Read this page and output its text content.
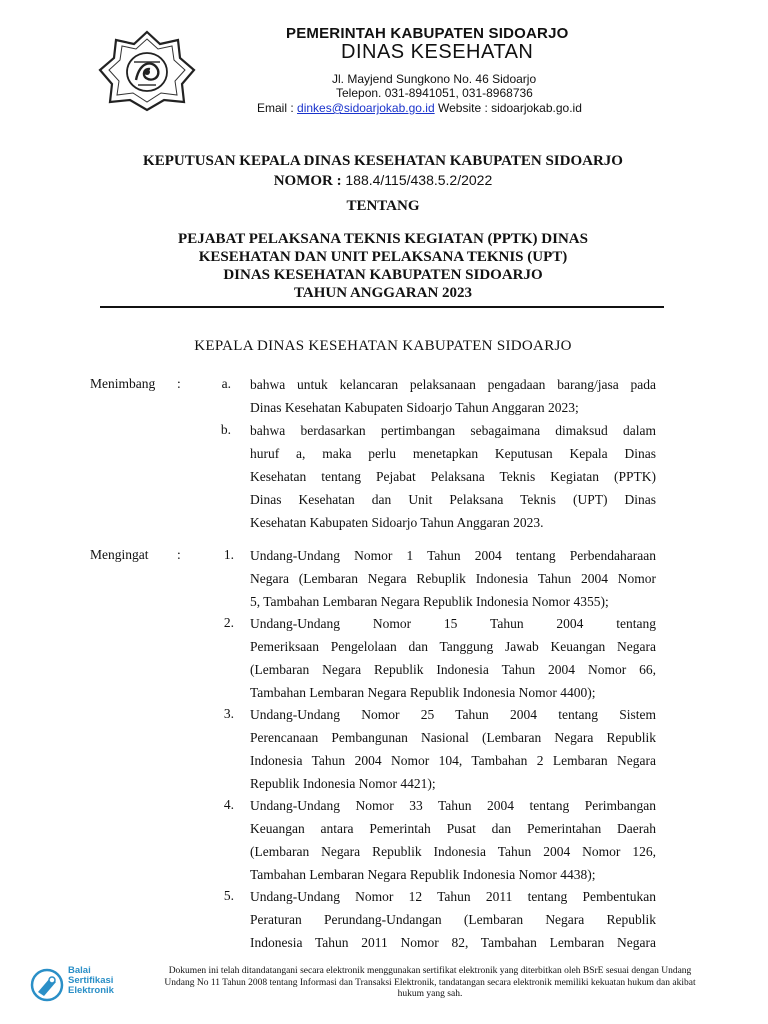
PEMERINTAH KABUPATEN SIDOARJO
DINAS KESEHATAN
Jl. Mayjend Sungkono No. 46 Sidoarjo
Telepon. 031-8941051, 031-8968736
Email : dinkes@sidoarjokab.go.id Website : sidoarjokab.go.id
KEPUTUSAN KEPALA DINAS KESEHATAN KABUPATEN SIDOARJO
NOMOR : 188.4/115/438.5.2/2022
TENTANG
PEJABAT PELAKSANA TEKNIS KEGIATAN (PPTK) DINAS
KESEHATAN DAN UNIT PELAKSANA TEKNIS (UPT)
DINAS KESEHATAN KABUPATEN SIDOARJO
TAHUN ANGGARAN 2023
KEPALA DINAS KESEHATAN KABUPATEN SIDOARJO
Menimbang :	a. bahwa untuk kelancaran pelaksanaan pengadaan barang/jasa pada
Dinas Kesehatan Kabupaten Sidoarjo Tahun Anggaran 2023;
b. bahwa berdasarkan pertimbangan sebagaimana dimaksud dalam
huruf a, maka perlu menetapkan Keputusan Kepala Dinas
Kesehatan tentang Pejabat Pelaksana Teknis Kegiatan (PPTK)
Dinas Kesehatan dan Unit Pelaksana Teknis (UPT) Dinas
Kesehatan Kabupaten Sidoarjo Tahun Anggaran 2023.
Mengingat :	1. Undang-Undang Nomor 1 Tahun 2004 tentang Perbendaharaan
Negara (Lembaran Negara Rebuplik Indonesia Tahun 2004 Nomor
5, Tambahan Lembaran Negara Republik Indonesia Nomor 4355);
2. Undang-Undang Nomor 15 Tahun 2004 tentang
Pemeriksaan Pengelolaan dan Tanggung Jawab Keuangan Negara
(Lembaran Negara Republik Indonesia Tahun 2004 Nomor 66,
Tambahan Lembaran Negara Republik Indonesia Nomor 4400);
3. Undang-Undang Nomor 25 Tahun 2004 tentang Sistem
Perencanaan Pembangunan Nasional (Lembaran Negara Republik
Indonesia Tahun 2004 Nomor 104, Tambahan 2 Lembaran Negara
Republik Indonesia Nomor 4421);
4. Undang-Undang Nomor 33 Tahun 2004 tentang Perimbangan
Keuangan antara Pemerintah Pusat dan Pemerintahan Daerah
(Lembaran Negara Republik Indonesia Tahun 2004 Nomor 126,
Tambahan Lembaran Negara Republik Indonesia Nomor 4438);
5. Undang-Undang Nomor 12 Tahun 2011 tentang Pembentukan
Peraturan Perundang-Undangan (Lembaran Negara Republik
Indonesia Tahun 2011 Nomor 82, Tambahan Lembaran Negara
Balai
Sertifikasi
Elektronik
Dokumen ini telah ditandatangani secara elektronik menggunakan sertifikat elektronik yang diterbitkan oleh BSrE sesuai dengan Undang
Undang No 11 Tahun 2008 tentang Informasi dan Transaksi Elektronik, tandatangan secara elektronik memiliki kekuatan hukum dan akibat
hukum yang sah.
